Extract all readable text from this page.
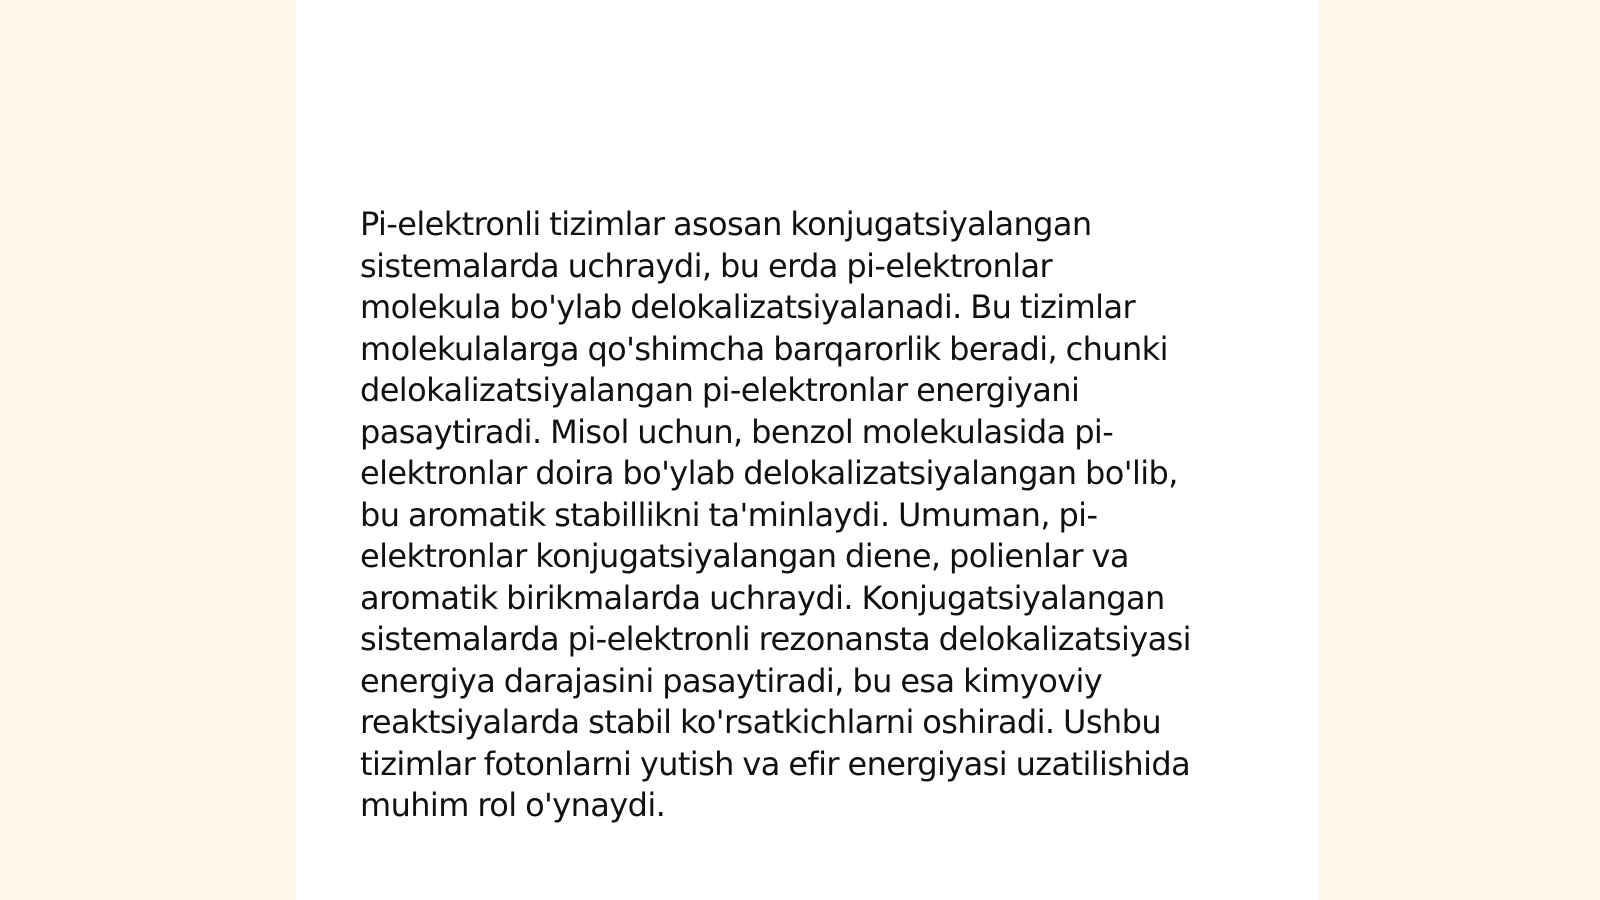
Pi-elektronli tizimlar asosan konjugatsiyalangan
sistemalarda uchraydi, bu erda pi-elektronlar
molekula bo'ylab delokalizatsiyalanadi. Bu tizimlar
molekulalarga qo'shimcha barqarorlik beradi, chunki
delokalizatsiyalangan pi-elektronlar energiyani
pasaytiradi. Misol uchun, benzol molekulasida pi-
elektronlar doira bo'ylab delokalizatsiyalangan bo'lib,
bu aromatik stabillikni ta'minlaydi. Umuman, pi-
elektronlar konjugatsiyalangan diene, polienlar va
aromatik birikmalarda uchraydi. Konjugatsiyalangan
sistemalarda pi-elektronli rezonansta delokalizatsiyasi
energiya darajasini pasaytiradi, bu esa kimyoviy
reaktsiyalarda stabil ko'rsatkichlarni oshiradi. Ushbu
tizimlar fotonlarni yutish va efir energiyasi uzatilishida
muhim rol o'ynaydi.
